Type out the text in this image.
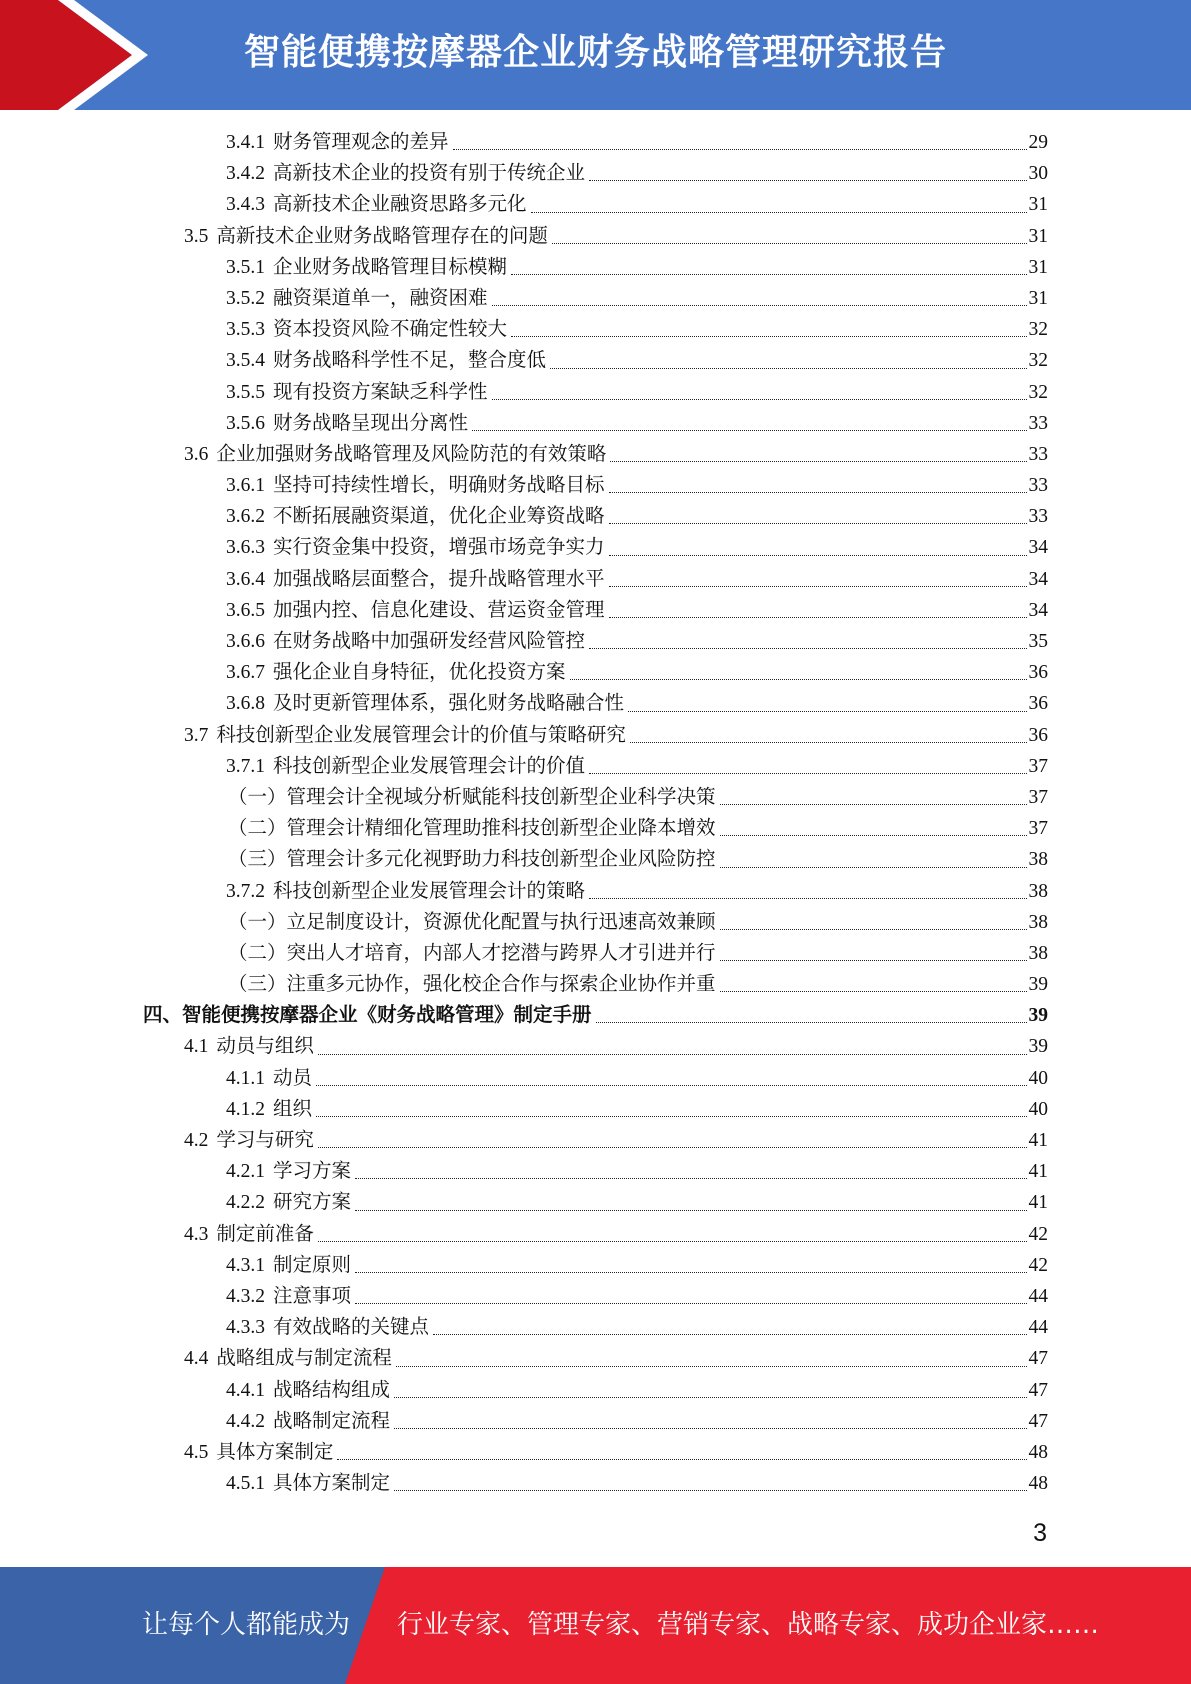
智能便携按摩器企业财务战略管理研究报告
3.4.1 财务管理观念的差异	29
3.4.2 高新技术企业的投资有别于传统企业	30
3.4.3 高新技术企业融资思路多元化	31
3.5 高新技术企业财务战略管理存在的问题	31
3.5.1 企业财务战略管理目标模糊	31
3.5.2 融资渠道单一，融资困难	31
3.5.3 资本投资风险不确定性较大	32
3.5.4 财务战略科学性不足，整合度低	32
3.5.5 现有投资方案缺乏科学性	32
3.5.6 财务战略呈现出分离性	33
3.6 企业加强财务战略管理及风险防范的有效策略	33
3.6.1 坚持可持续性增长，明确财务战略目标	33
3.6.2 不断拓展融资渠道，优化企业筹资战略	33
3.6.3 实行资金集中投资，增强市场竞争实力	34
3.6.4 加强战略层面整合，提升战略管理水平	34
3.6.5 加强内控、信息化建设、营运资金管理	34
3.6.6 在财务战略中加强研发经营风险管控	35
3.6.7 强化企业自身特征，优化投资方案	36
3.6.8 及时更新管理体系，强化财务战略融合性	36
3.7 科技创新型企业发展管理会计的价值与策略研究	36
3.7.1 科技创新型企业发展管理会计的价值	37
（一）管理会计全视域分析赋能科技创新型企业科学决策	37
（二）管理会计精细化管理助推科技创新型企业降本增效	37
（三）管理会计多元化视野助力科技创新型企业风险防控	38
3.7.2 科技创新型企业发展管理会计的策略	38
（一）立足制度设计，资源优化配置与执行迅速高效兼顾	38
（二）突出人才培育，内部人才挖潜与跨界人才引进并行	38
（三）注重多元协作，强化校企合作与探索企业协作并重	39
四、智能便携按摩器企业《财务战略管理》制定手册	39
4.1 动员与组织	39
4.1.1 动员	40
4.1.2 组织	40
4.2 学习与研究	41
4.2.1 学习方案	41
4.2.2 研究方案	41
4.3 制定前准备	42
4.3.1 制定原则	42
4.3.2 注意事项	44
4.3.3 有效战略的关键点	44
4.4 战略组成与制定流程	47
4.4.1 战略结构组成	47
4.4.2 战略制定流程	47
4.5 具体方案制定	48
4.5.1 具体方案制定	48
3
让每个人都能成为 行业专家、管理专家、营销专家、战略专家、成功企业家……
